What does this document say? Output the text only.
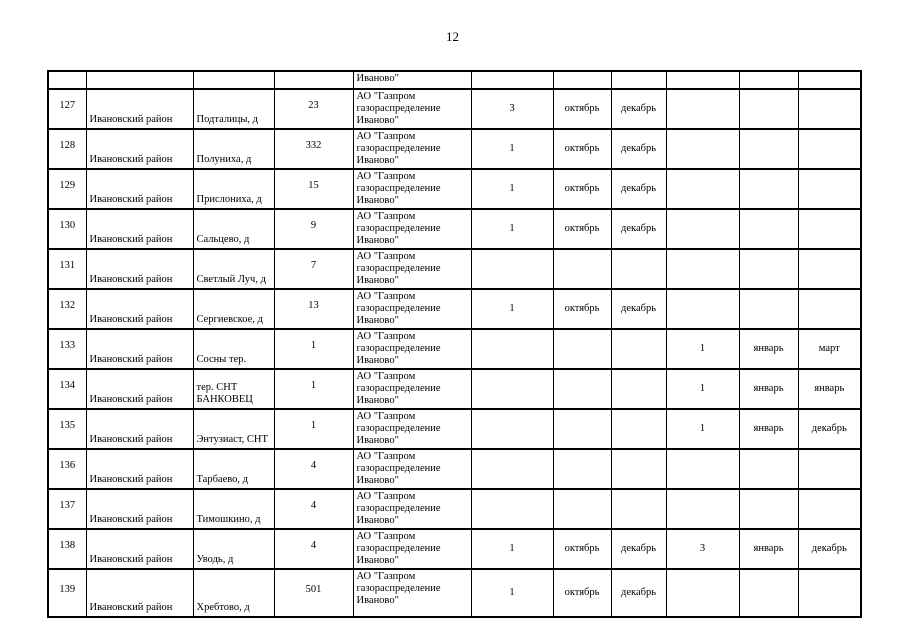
12
				Иваново"						
127	Ивановский район	Подталицы, д	23	АО "Газпром газораспределение Иваново"	3	октябрь	декабрь			
128	Ивановский район	Полуниха, д	332	АО "Газпром газораспределение Иваново"	1	октябрь	декабрь			
129	Ивановский район	Прислониха, д	15	АО "Газпром газораспределение Иваново"	1	октябрь	декабрь			
130	Ивановский район	Сальцево, д	9	АО "Газпром газораспределение Иваново"	1	октябрь	декабрь			
131	Ивановский район	Светлый Луч, д	7	АО "Газпром газораспределение Иваново"						
132	Ивановский район	Сергиевское, д	13	АО "Газпром газораспределение Иваново"	1	октябрь	декабрь			
133	Ивановский район	Сосны тер.	1	АО "Газпром газораспределение Иваново"				1	январь	март
134	Ивановский район	тер. СНТ БАНКОВЕЦ	1	АО "Газпром газораспределение Иваново"				1	январь	январь
135	Ивановский район	Энтузиаст, СНТ	1	АО "Газпром газораспределение Иваново"				1	январь	декабрь
136	Ивановский район	Тарбаево, д	4	АО "Газпром газораспределение Иваново"						
137	Ивановский район	Тимошкино, д	4	АО "Газпром газораспределение Иваново"						
138	Ивановский район	Уводь, д	4	АО "Газпром газораспределение Иваново"	1	октябрь	декабрь	3	январь	декабрь
139	Ивановский район	Хребтово, д	501	АО "Газпром газораспределение Иваново"	1	октябрь	декабрь			
